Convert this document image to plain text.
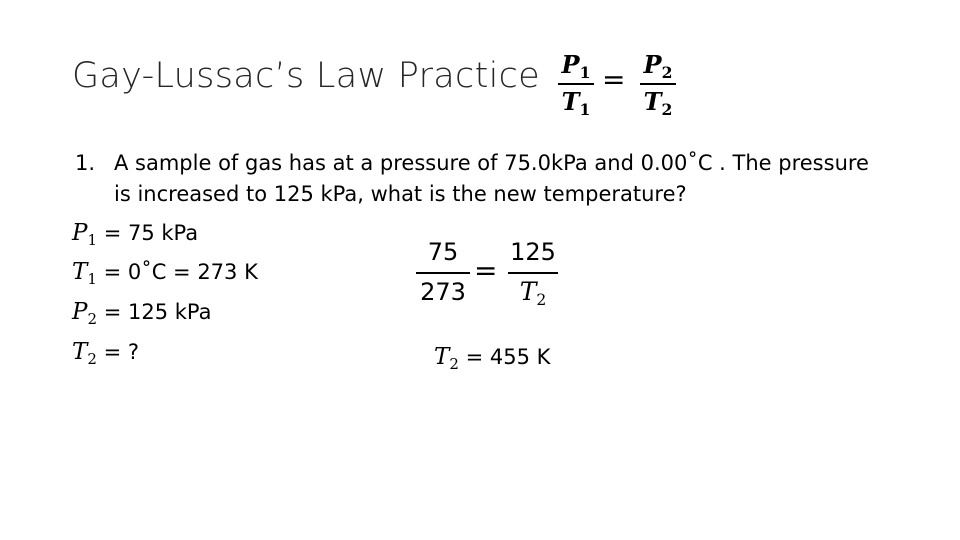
Gay-Lussac’s Law Practice $P_1$
$T_1$
= $P_2$
$T_2$
1. A sample of gas has at a pressure of 75.0kPa and 0.00˚C . The pressure is increased to 125 kPa, what is the new temperature?
$P_1 = 75$ kPa
$T_1$ = 0˚C = 273 K
$P_2 = 125$ kPa
$T_2$ = ?
75
273
=
125
$T_2$
$T_2 = 455$ K
